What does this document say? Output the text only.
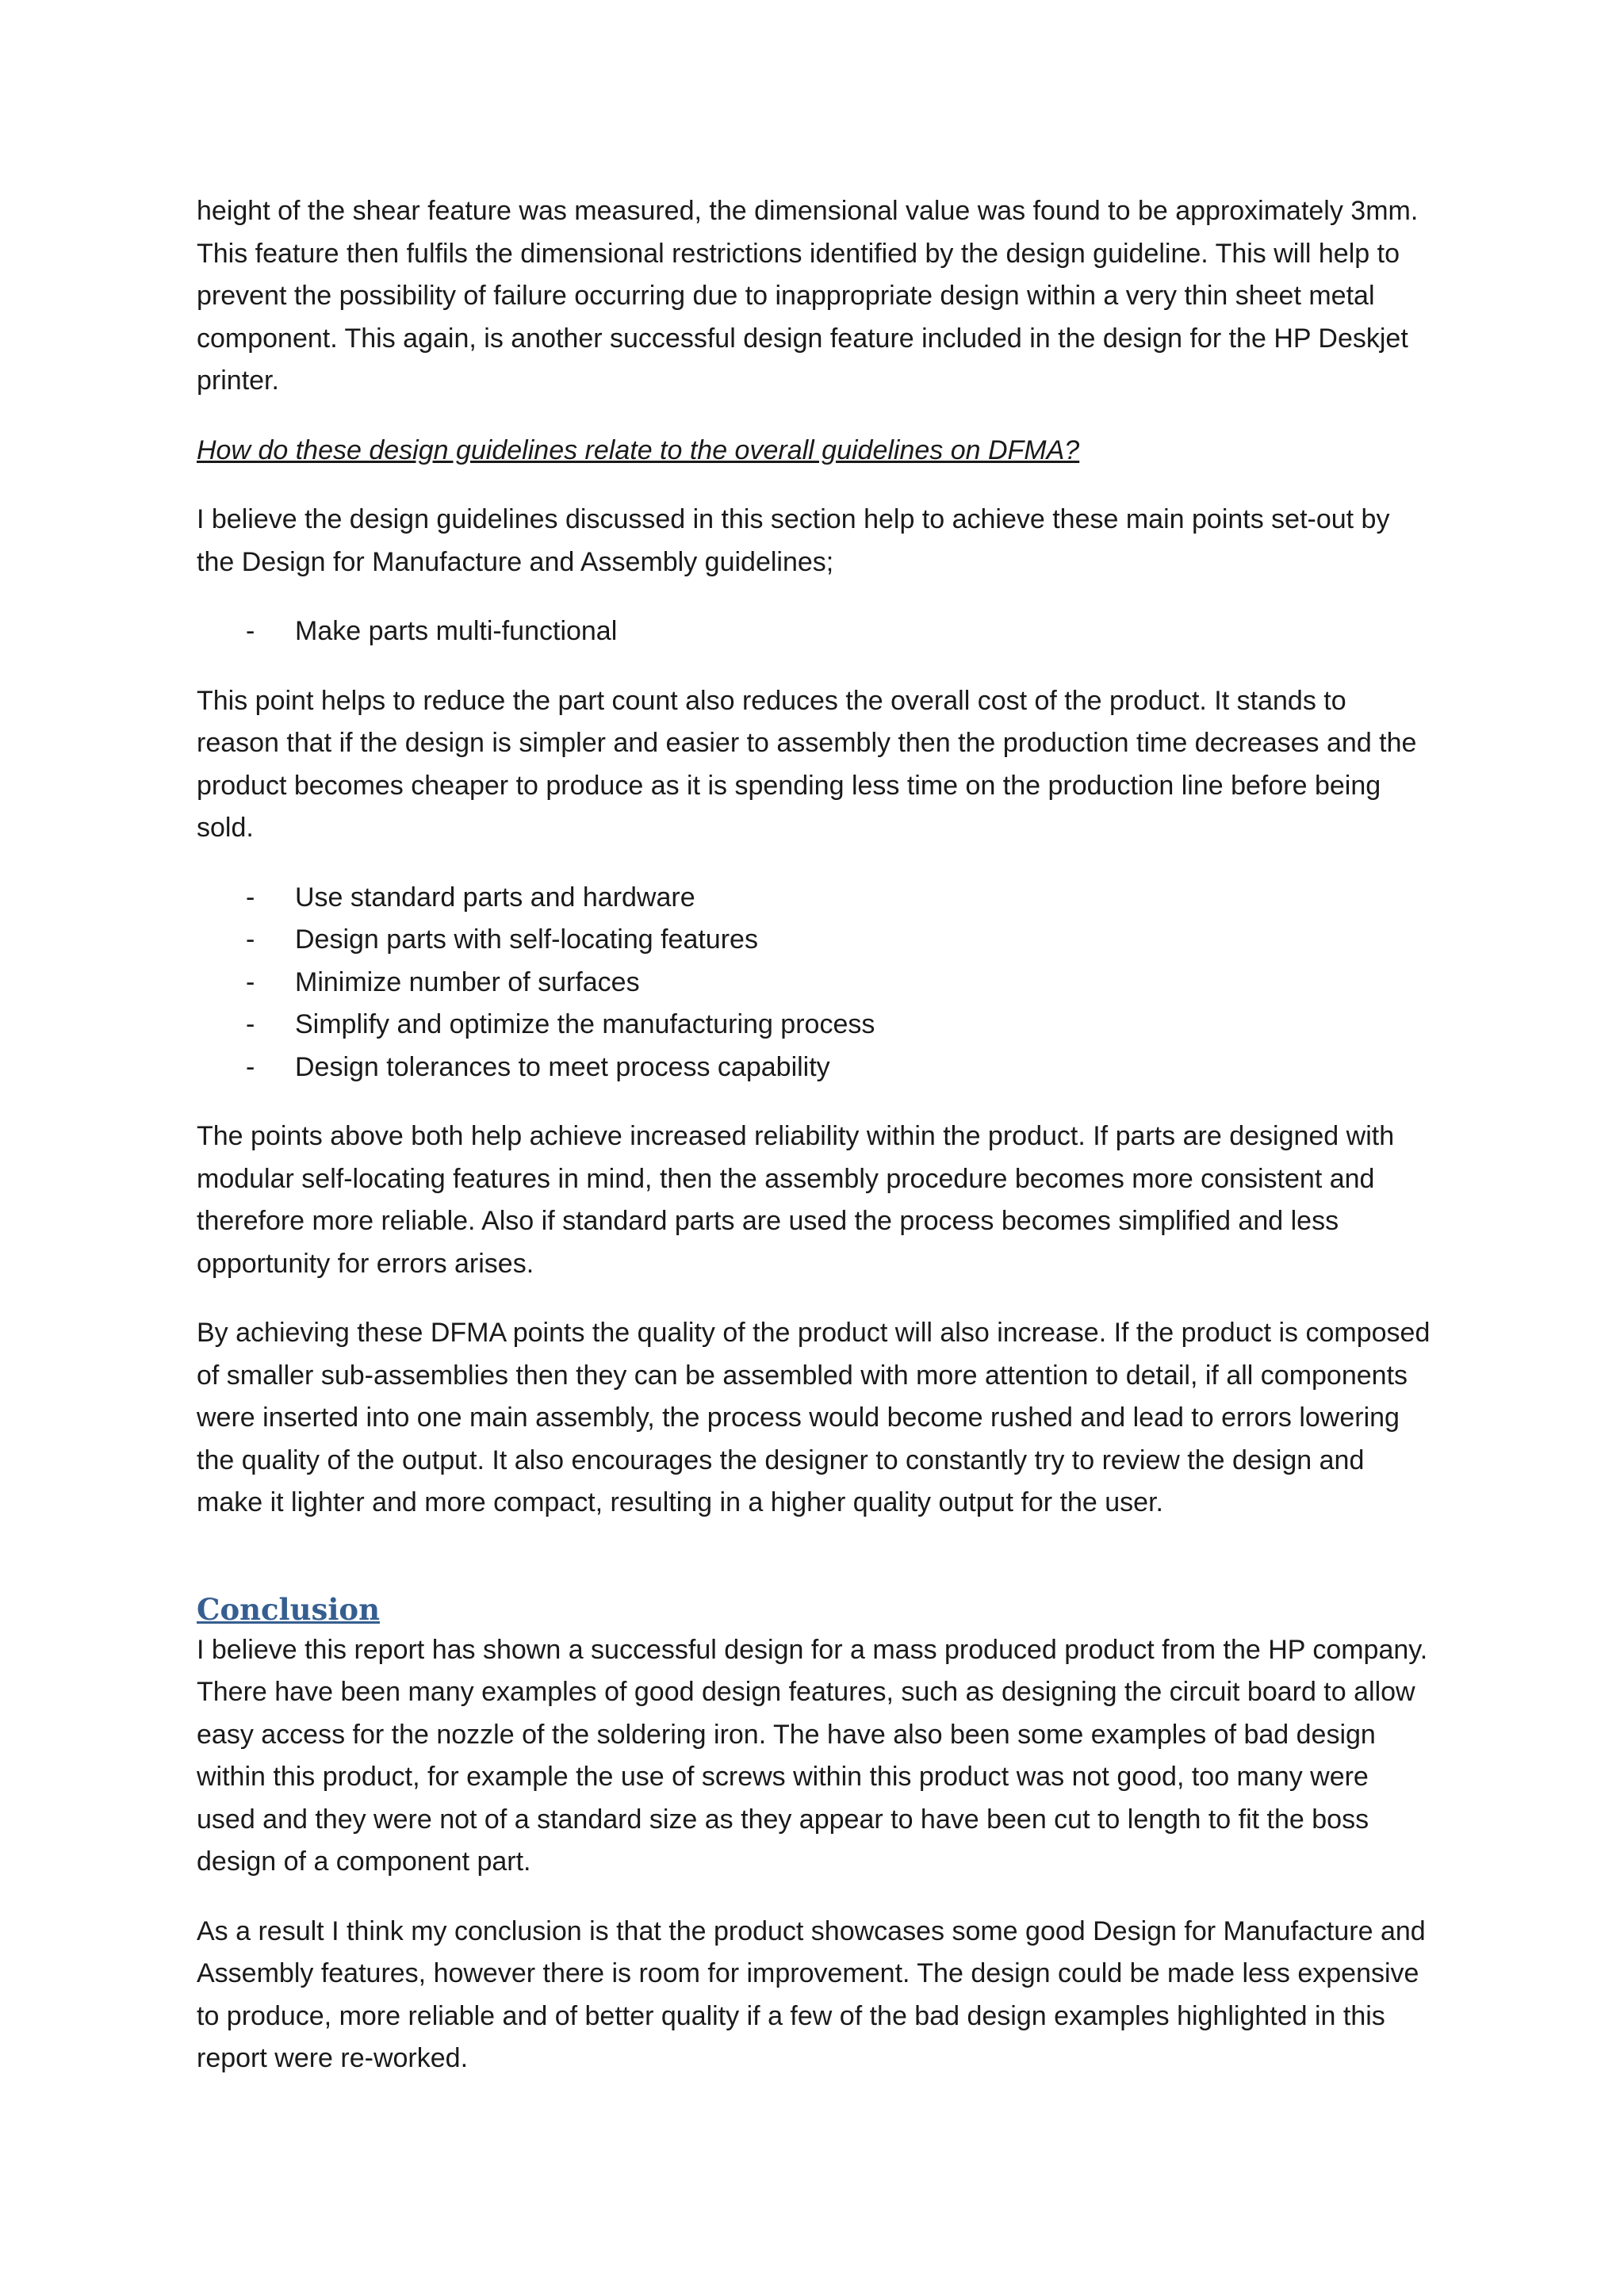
height of the shear feature was measured, the dimensional value was found to be approximately 3mm. This feature then fulfils the dimensional restrictions identified by the design guideline. This will help to prevent the possibility of failure occurring due to inappropriate design within a very thin sheet metal component. This again, is another successful design feature included in the design for the HP Deskjet printer.

How do these design guidelines relate to the overall guidelines on DFMA?

I believe the design guidelines discussed in this section help to achieve these main points set-out by the Design for Manufacture and Assembly guidelines;

- Make parts multi-functional

This point helps to reduce the part count also reduces the overall cost of the product. It stands to reason that if the design is simpler and easier to assembly then the production time decreases and the product becomes cheaper to produce as it is spending less time on the production line before being sold.

- Use standard parts and hardware
- Design parts with self-locating features
- Minimize number of surfaces
- Simplify and optimize the manufacturing process
- Design tolerances to meet process capability

The points above both help achieve increased reliability within the product. If parts are designed with modular self-locating features in mind, then the assembly procedure becomes more consistent and therefore more reliable. Also if standard parts are used the process becomes simplified and less opportunity for errors arises.

By achieving these DFMA points the quality of the product will also increase. If the product is composed of smaller sub-assemblies then they can be assembled with more attention to detail, if all components were inserted into one main assembly, the process would become rushed and lead to errors lowering the quality of the output. It also encourages the designer to constantly try to review the design and make it lighter and more compact, resulting in a higher quality output for the user.

Conclusion

I believe this report has shown a successful design for a mass produced product from the HP company. There have been many examples of good design features, such as designing the circuit board to allow easy access for the nozzle of the soldering iron. The have also been some examples of bad design within this product, for example the use of screws within this product was not good, too many were used and they were not of a standard size as they appear to have been cut to length to fit the boss design of a component part.

As a result I think my conclusion is that the product showcases some good Design for Manufacture and Assembly features, however there is room for improvement. The design could be made less expensive to produce, more reliable and of better quality if a few of the bad design examples highlighted in this report were re-worked.
